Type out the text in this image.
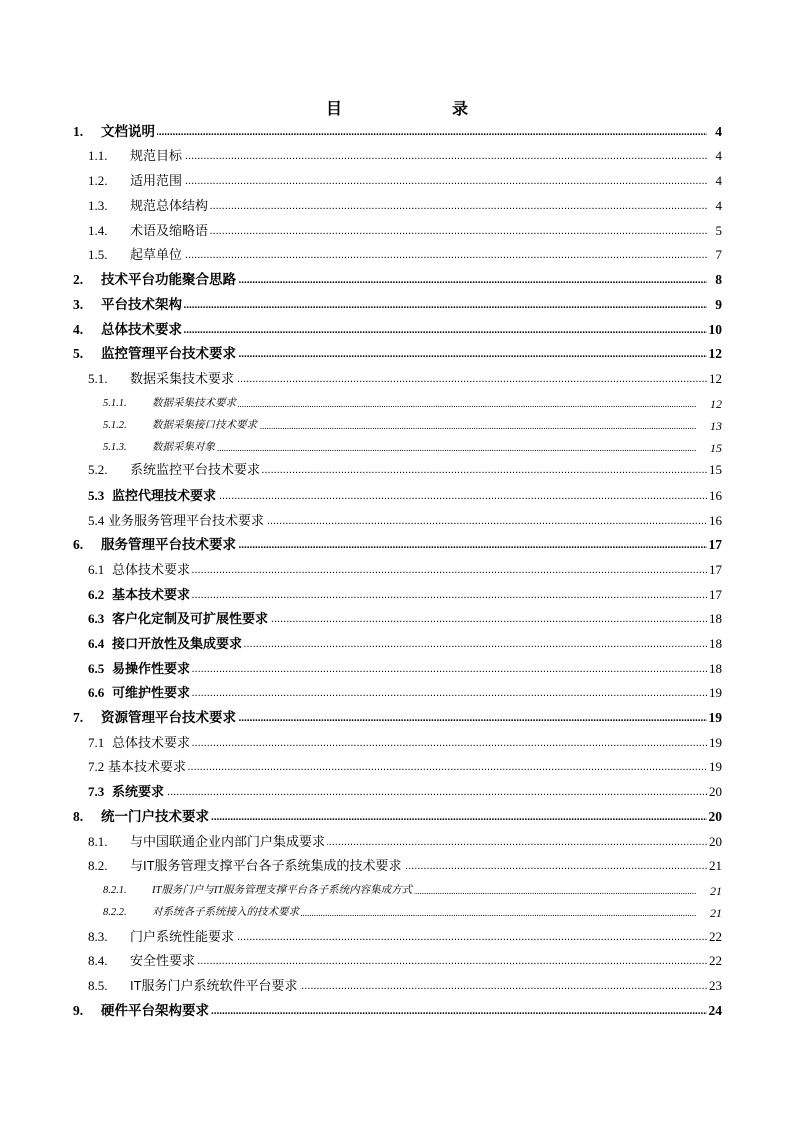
目　　录
.....
1. 文档说明	4
.....
1.1. 规范目标	4
.....
1.2. 适用范围	4
.....
1.3. 规范总体结构	4
.....
1.4. 术语及缩略语	5
.....
1.5. 起草单位	7
.....
2. 技术平台功能聚合思路	8
.....
3. 平台技术架构	9
.....
4. 总体技术要求	10
.....
5. 监控管理平台技术要求	12
.....
5.1. 数据采集技术要求	12
.....
5.1.1. 数据采集技术要求	12
.....
5.1.2. 数据采集接口技术要求	13
.....
5.1.3. 数据采集对象	15
.....
5.2. 系统监控平台技术要求	15
.....
5.3 监控代理技术要求	16
.....
5.4 业务服务管理平台技术要求	16
.....
6. 服务管理平台技术要求	17
.....
6.1 总体技术要求	17
.....
6.2 基本技术要求	17
.....
6.3 客户化定制及可扩展性要求	18
.....
6.4 接口开放性及集成要求	18
.....
6.5 易操作性要求	18
.....
6.6 可维护性要求	19
.....
7. 资源管理平台技术要求	19
.....
7.1 总体技术要求	19
.....
7.2 基本技术要求	19
.....
7.3 系统要求	20
.....
8. 统一门户技术要求	20
.....
8.1. 与中国联通企业内部门户集成要求	20
.....
8.2. 与IT服务管理支撑平台各子系统集成的技术要求	21
.....
8.2.1. IT服务门户与IT服务管理支撑平台各子系统内容集成方式	21
.....
8.2.2. 对系统各子系统接入的技术要求	21
.....
8.3. 门户系统性能要求	22
.....
8.4. 安全性要求	22
.....
8.5. IT服务门户系统软件平台要求	23
.....
9. 硬件平台架构要求	24
